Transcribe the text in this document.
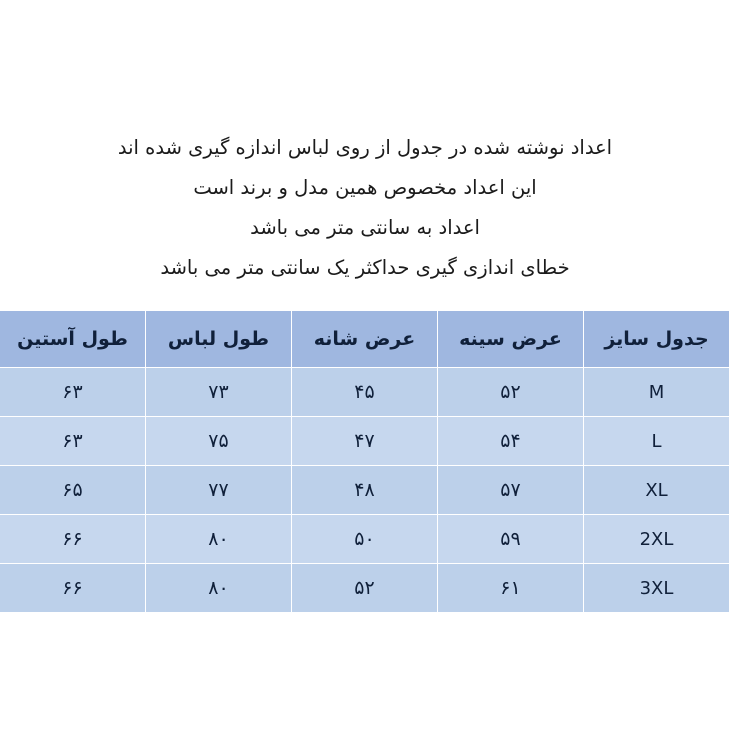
اعداد نوشته شده در جدول از روی لباس اندازه گیری شده اند
این اعداد مخصوص همین مدل و برند است
اعداد به سانتی متر می باشد
خطای اندازی گیری حداکثر یک سانتی متر می باشد
جدول سایز	عرض سینه	عرض شانه	طول لباس	طول آستین
M	۵۲	۴۵	۷۳	۶۳
L	۵۴	۴۷	۷۵	۶۳
XL	۵۷	۴۸	۷۷	۶۵
2XL	۵۹	۵۰	۸۰	۶۶
3XL	۶۱	۵۲	۸۰	۶۶
